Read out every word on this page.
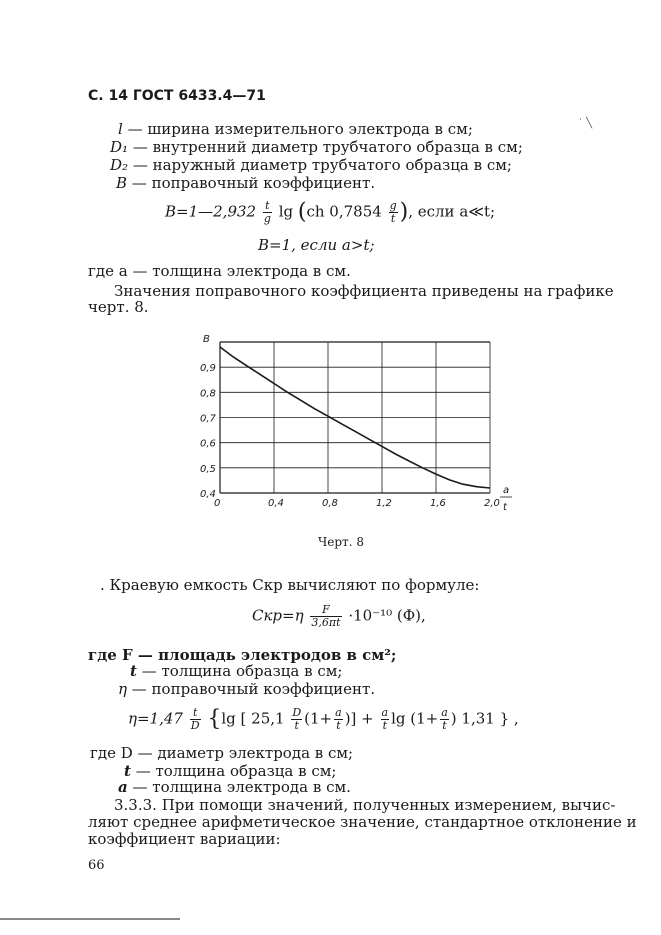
С. 14 ГОСТ 6433.4—71
l — ширина измерительного электрода в см;
D₁ — внутренний диаметр трубчатого образца в см;
D₂ — наружный диаметр трубчатого образца в см;
B — поправочный коэффициент.
B=1—2,932 $\frac{t}{g}$ lg (ch $0,7854 \frac{g}{t}$ ), если a≪t;
B=1, если a>t;
где a — толщина электрода в см.
Значения поправочного коэффициента приведены на графике
черт. 8.
0	0,4	0,8	1,2	1,6	2,0
0,9
0,8
0,7
0,6
0,5
0,4
B
a
t
Черт. 8
. Краевую емкость Cкр вычисляют по формуле:
$Cкр=\eta \frac{F}{3,6\pi t} \cdot 10^{-10}$ (Ф),
где F — площадь электродов в см²;
t — толщина образца в см;
η — поправочный коэффициент.
$\eta=1,47 \frac{t}{D} \{\lg$ [ $25,1 \frac{D}{t} (1+ \frac{a}{t}$ )] + $\frac{a}{t}$ $\lg (1+ \frac{a}{t}$ ) 1,31 } ,
где D — диаметр электрода в см;
t — толщина образца в см;
a — толщина электрода в см.
3.3.3. При помощи значений, полученных измерением, вычис-
ляют среднее арифметическое значение, стандартное отклонение и
коэффициент вариации:
66
˙ ╲
